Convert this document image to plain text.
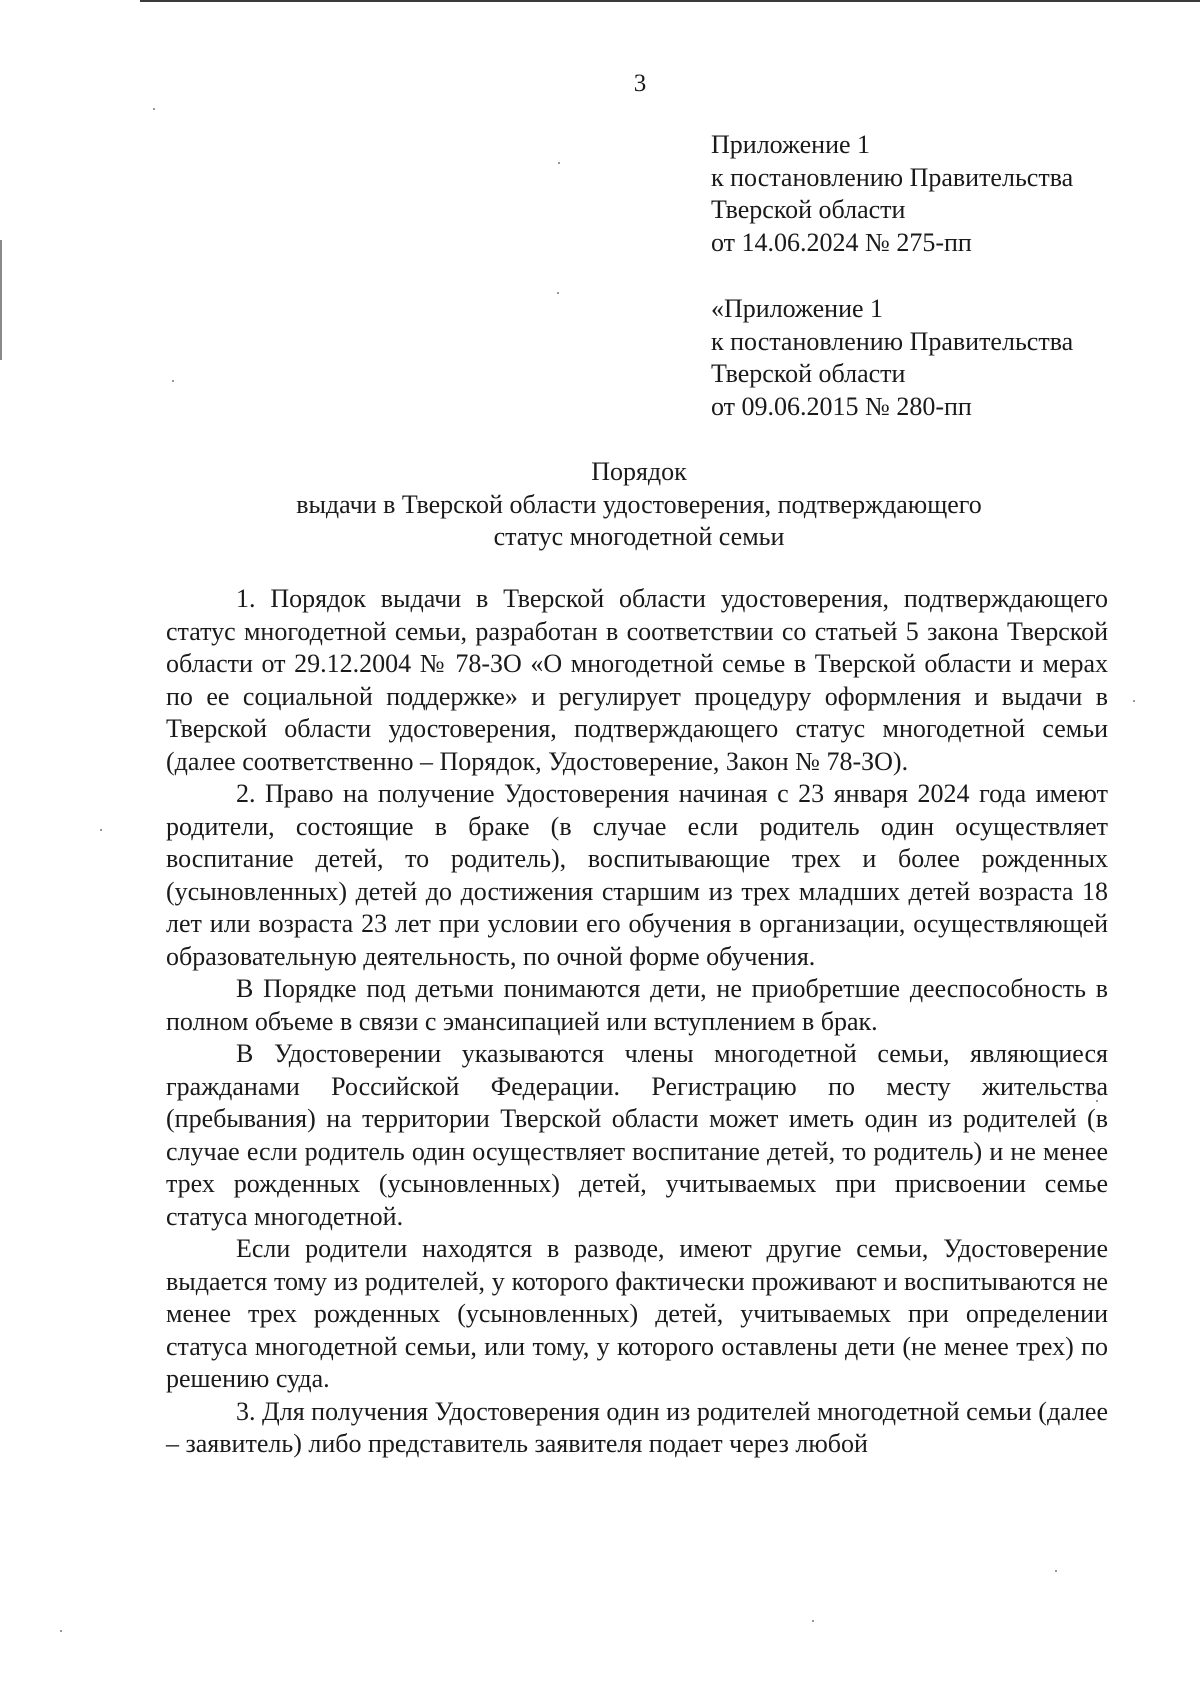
3
Приложение 1
к постановлению Правительства
Тверской области
от 14.06.2024 № 275-пп
«Приложение 1
к постановлению Правительства
Тверской области
от 09.06.2015 № 280-пп
Порядок
выдачи в Тверской области удостоверения, подтверждающего
статус многодетной семьи

1. Порядок выдачи в Тверской области удостоверения, подтверждающего статус многодетной семьи, разработан в соответствии со статьей 5 закона Тверской области от 29.12.2004 № 78-ЗО «О многодетной семье в Тверской области и мерах по ее социальной поддержке» и регулирует процедуру оформления и выдачи в Тверской области удостоверения, подтверждающего статус многодетной семьи (далее соответственно – Порядок, Удостоверение, Закон № 78-ЗО).

2. Право на получение Удостоверения начиная с 23 января 2024 года имеют родители, состоящие в браке (в случае если родитель один осуществляет воспитание детей, то родитель), воспитывающие трех и более рожденных (усыновленных) детей до достижения старшим из трех младших детей возраста 18 лет или возраста 23 лет при условии его обучения в организации, осуществляющей образовательную деятельность, по очной форме обучения.

В Порядке под детьми понимаются дети, не приобретшие дееспособность в полном объеме в связи с эмансипацией или вступлением в брак.

В Удостоверении указываются члены многодетной семьи, являющиеся гражданами Российской Федерации. Регистрацию по месту жительства (пребывания) на территории Тверской области может иметь один из родителей (в случае если родитель один осуществляет воспитание детей, то родитель) и не менее трех рожденных (усыновленных) детей, учитываемых при присвоении семье статуса многодетной.

Если родители находятся в разводе, имеют другие семьи, Удостоверение выдается тому из родителей, у которого фактически проживают и воспитываются не менее трех рожденных (усыновленных) детей, учитываемых при определении статуса многодетной семьи, или тому, у которого оставлены дети (не менее трех) по решению суда.

3. Для получения Удостоверения один из родителей многодетной семьи (далее – заявитель) либо представитель заявителя подает через любой
